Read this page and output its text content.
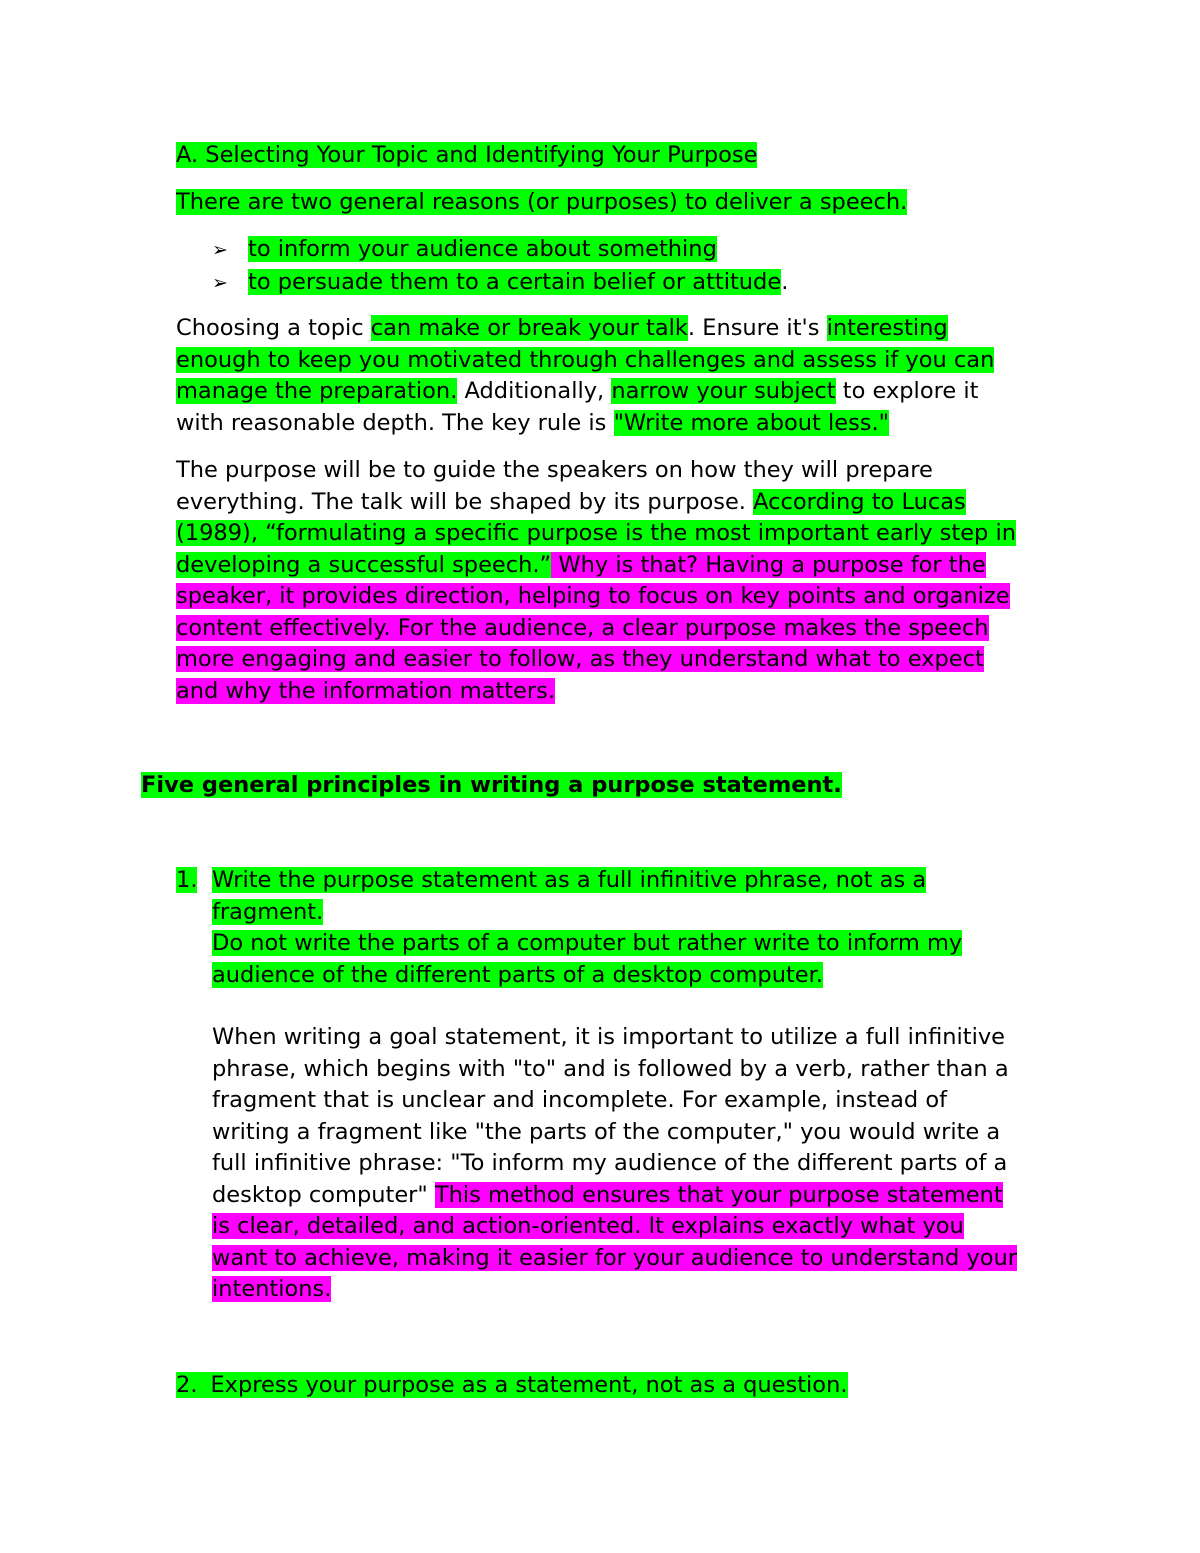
A. Selecting Your Topic and Identifying Your Purpose
There are two general reasons (or purposes) to deliver a speech.
➢ to inform your audience about something
➢ to persuade them to a certain belief or attitude.
Choosing a topic can make or break your talk. Ensure it's interesting
enough to keep you motivated through challenges and assess if you can
manage the preparation. Additionally, narrow your subject to explore it
with reasonable depth. The key rule is "Write more about less."
The purpose will be to guide the speakers on how they will prepare
everything. The talk will be shaped by its purpose. According to Lucas
(1989), “formulating a specific purpose is the most important early step in
developing a successful speech.” Why is that? Having a purpose for the
speaker, it provides direction, helping to focus on key points and organize
content effectively. For the audience, a clear purpose makes the speech
more engaging and easier to follow, as they understand what to expect
and why the information matters.
Five general principles in writing a purpose statement.
1. Write the purpose statement as a full infinitive phrase, not as a
fragment.
Do not write the parts of a computer but rather write to inform my
audience of the different parts of a desktop computer.
When writing a goal statement, it is important to utilize a full infinitive
phrase, which begins with "to" and is followed by a verb, rather than a
fragment that is unclear and incomplete. For example, instead of
writing a fragment like "the parts of the computer," you would write a
full infinitive phrase: "To inform my audience of the different parts of a
desktop computer" This method ensures that your purpose statement
is clear, detailed, and action-oriented. It explains exactly what you
want to achieve, making it easier for your audience to understand your
intentions.
2. Express your purpose as a statement, not as a question.
